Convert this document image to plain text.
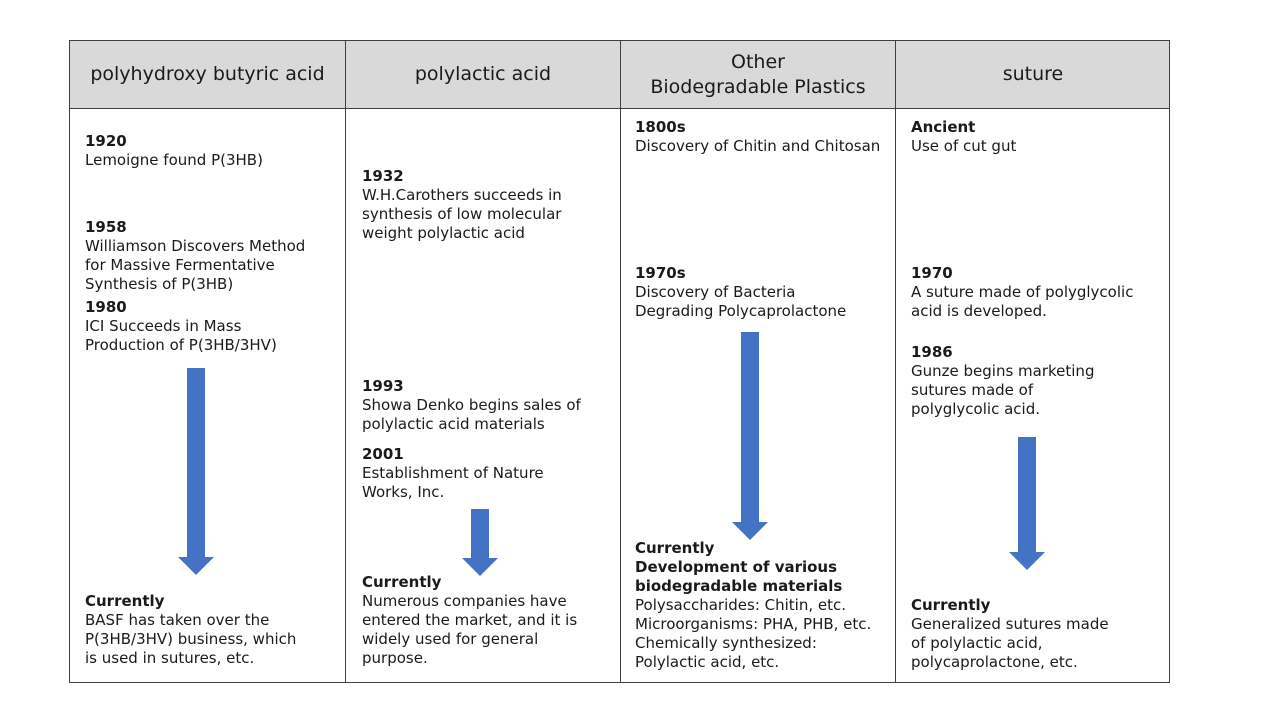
polyhydroxy butyric acid	polylactic acid
Other
Biodegradable Plastics
suture
1920
Lemoigne found P(3HB)
1958
Williamson Discovers Method
for Massive Fermentative
Synthesis of P(3HB)
1980
ICI Succeeds in Mass
Production of P(3HB/3HV)
Currently
BASF has taken over the
P(3HB/3HV) business, which
is used in sutures, etc.
1932
W.H.Carothers succeeds in
synthesis of low molecular
weight polylactic acid
1993
Showa Denko begins sales of
polylactic acid materials
2001
Establishment of Nature
Works, Inc.
Currently
Numerous companies have
entered the market, and it is
widely used for general
purpose.
1800s
Discovery of Chitin and Chitosan
1970s
Discovery of Bacteria
Degrading Polycaprolactone
Currently
Development of various
biodegradable materials
Polysaccharides: Chitin, etc.
Microorganisms: PHA, PHB, etc.
Chemically synthesized:
Polylactic acid, etc.
Ancient
Use of cut gut
1970
A suture made of polyglycolic
acid is developed.
1986
Gunze begins marketing
sutures made of
polyglycolic acid.
Currently
Generalized sutures made
of polylactic acid,
polycaprolactone, etc.
